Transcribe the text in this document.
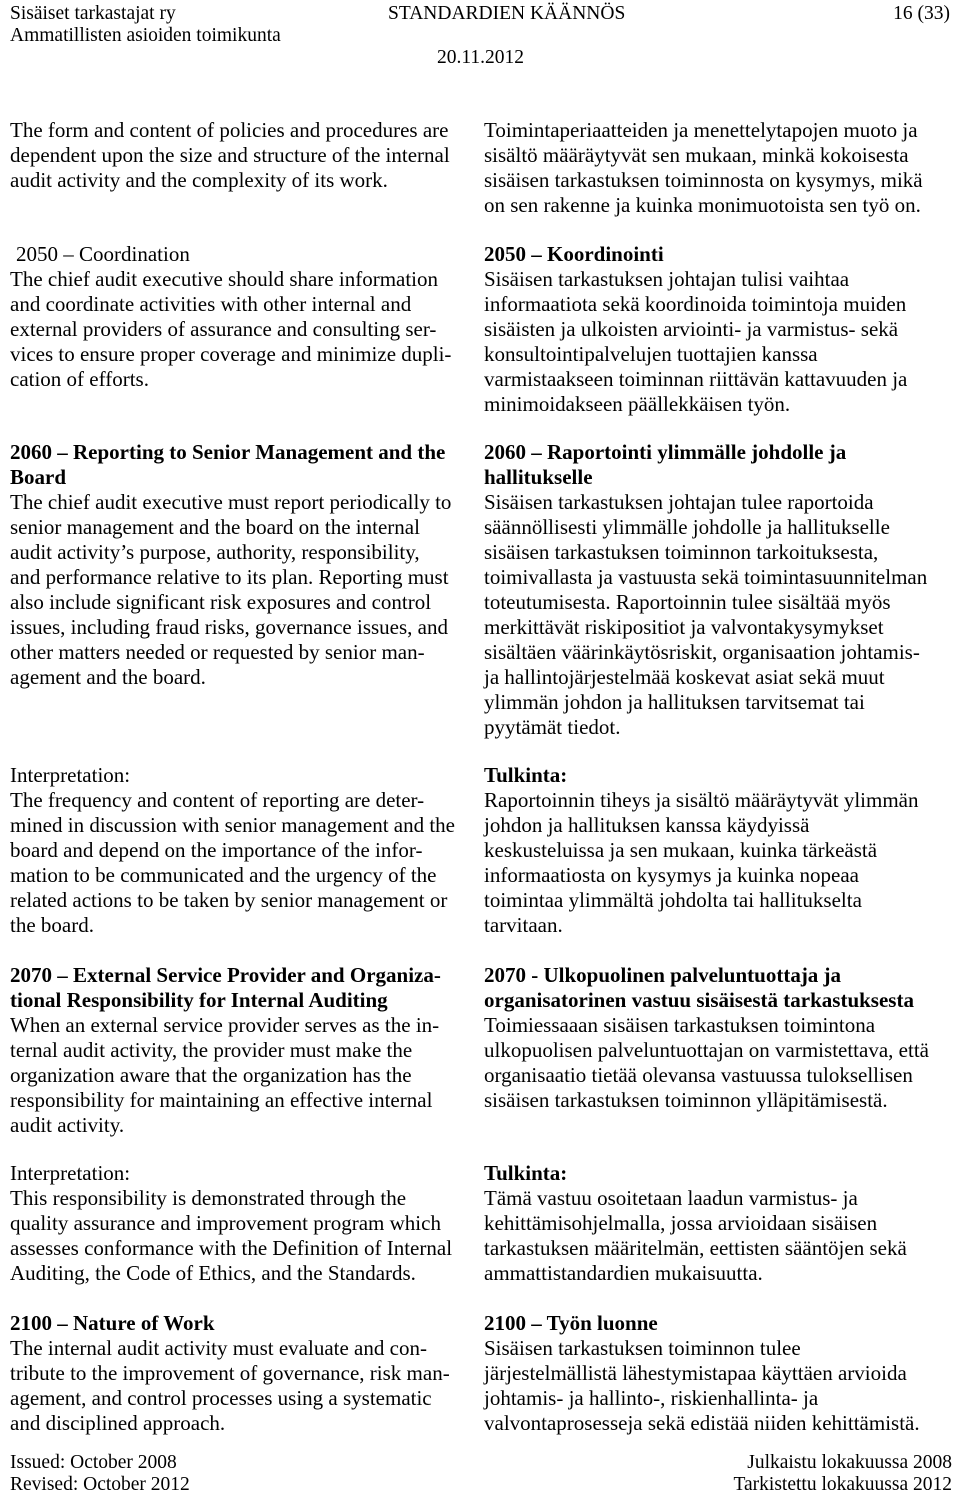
Sisäiset tarkastajat ry
Ammatillisten asioiden toimikunta
STANDARDIEN KÄÄNNÖS
20.11.2012
16 (33)
The form and content of policies and procedures are
dependent upon the size and structure of the internal
audit activity and the complexity of its work.
Toimintaperiaatteiden ja menettelytapojen muoto ja
sisältö määräytyvät sen mukaan, minkä kokoisesta
sisäisen tarkastuksen toiminnosta on kysymys, mikä
on sen rakenne ja kuinka monimuotoista sen työ on.
2050 – Coordination
The chief audit executive should share information
and coordinate activities with other internal and
external providers of assurance and consulting ser-
vices to ensure proper coverage and minimize dupli-
cation of efforts.
2050 – Koordinointi
Sisäisen tarkastuksen johtajan tulisi vaihtaa
informaatiota sekä koordinoida toimintoja muiden
sisäisten ja ulkoisten arviointi- ja varmistus- sekä
konsultointipalvelujen tuottajien kanssa
varmistaakseen toiminnan riittävän kattavuuden ja
minimoidakseen päällekkäisen työn.
2060 – Reporting to Senior Management and the
Board
The chief audit executive must report periodically to
senior management and the board on the internal
audit activity’s purpose, authority, responsibility,
and performance relative to its plan. Reporting must
also include significant risk exposures and control
issues, including fraud risks, governance issues, and
other matters needed or requested by senior man-
agement and the board.
2060 – Raportointi ylimmälle johdolle ja
hallitukselle
Sisäisen tarkastuksen johtajan tulee raportoida
säännöllisesti ylimmälle johdolle ja hallitukselle
sisäisen tarkastuksen toiminnon tarkoituksesta,
toimivallasta ja vastuusta sekä toimintasuunnitelman
toteutumisesta. Raportoinnin tulee sisältää myös
merkittävät riskipositiot ja valvontakysymykset
sisältäen väärinkäytösriskit, organisaation johtamis-
ja hallintojärjestelmää koskevat asiat sekä muut
ylimmän johdon ja hallituksen tarvitsemat tai
pyytämät tiedot.
Interpretation:
The frequency and content of reporting are deter-
mined in discussion with senior management and the
board and depend on the importance of the infor-
mation to be communicated and the urgency of the
related actions to be taken by senior management or
the board.
Tulkinta:
Raportoinnin tiheys ja sisältö määräytyvät ylimmän
johdon ja hallituksen kanssa käydyissä
keskusteluissa ja sen mukaan, kuinka tärkeästä
informaatiosta on kysymys ja kuinka nopeaa
toimintaa ylimmältä johdolta tai hallitukselta
tarvitaan.
2070 – External Service Provider and Organiza-
tional Responsibility for Internal Auditing
When an external service provider serves as the in-
ternal audit activity, the provider must make the
organization aware that the organization has the
responsibility for maintaining an effective internal
audit activity.
2070 - Ulkopuolinen palveluntuottaja ja
organisatorinen vastuu sisäisestä tarkastuksesta
Toimiessaaan sisäisen tarkastuksen toimintona
ulkopuolisen palveluntuottajan on varmistettava, että
organisaatio tietää olevansa vastuussa tuloksellisen
sisäisen tarkastuksen toiminnon ylläpitämisestä.
Interpretation:
This responsibility is demonstrated through the
quality assurance and improvement program which
assesses conformance with the Definition of Internal
Auditing, the Code of Ethics, and the Standards.
Tulkinta:
Tämä vastuu osoitetaan laadun varmistus- ja
kehittämisohjelmalla, jossa arvioidaan sisäisen
tarkastuksen määritelmän, eettisten sääntöjen sekä
ammattistandardien mukaisuutta.
2100 – Nature of Work
The internal audit activity must evaluate and con-
tribute to the improvement of governance, risk man-
agement, and control processes using a systematic
and disciplined approach.
2100 – Työn luonne
Sisäisen tarkastuksen toiminnon tulee
järjestelmällistä lähestymistapaa käyttäen arvioida
johtamis- ja hallinto-, riskienhallinta- ja
valvontaprosesseja sekä edistää niiden kehittämistä.
Issued: October 2008
Revised: October 2012
Julkaistu lokakuussa 2008
Tarkistettu lokakuussa 2012
